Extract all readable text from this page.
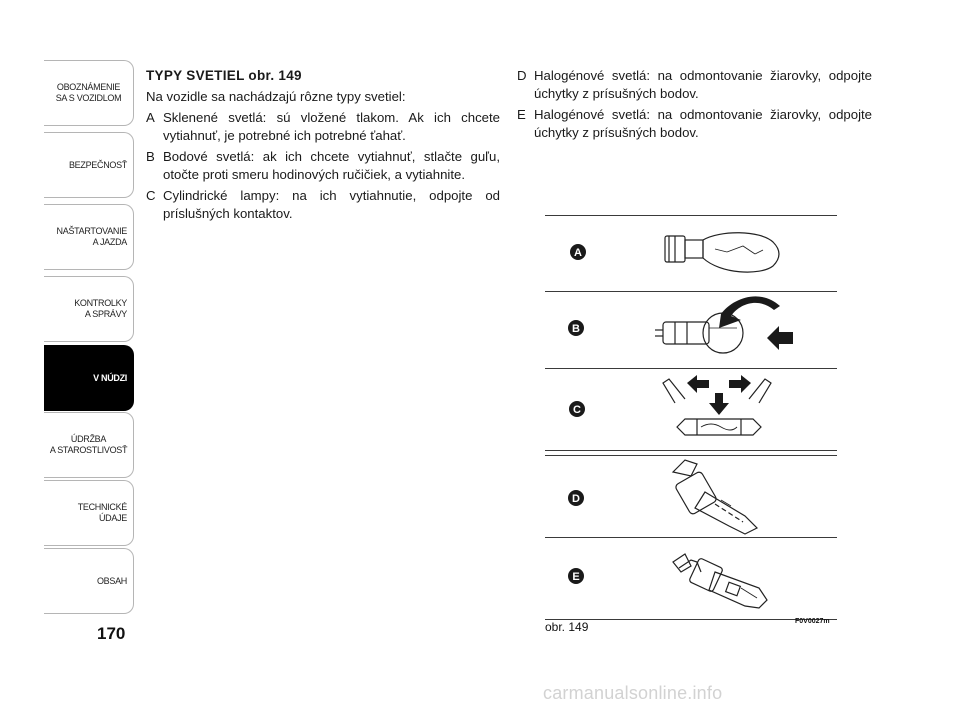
OBOZNÁMENIE
SA S VOZIDLOM
BEZPEČNOSŤ
NAŠTARTOVANIE
A JAZDA
KONTROLKY
A SPRÁVY
V NÚDZI
ÚDRŽBA
A STAROSTLIVOSŤ
TECHNICKÉ
ÚDAJE
OBSAH
170
TYPY SVETIEL obr. 149
Na vozidle sa nachádzajú rôzne typy svetiel:
A Sklenené svetlá: sú vložené tlakom. Ak ich chcete vytiahnuť, je potrebné ich potrebné ťahať.
B Bodové svetlá: ak ich chcete vytiahnuť, stlačte guľu, otočte proti smeru hodinových ručičiek, a vytiahnite.
C Cylindrické lampy: na ich vytiahnutie, odpojte od príslušných kontaktov.
D Halogénové svetlá: na odmontovanie žiarovky, odpojte úchytky z prísušných bodov.
E Halogénové svetlá: na odmontovanie žiarovky, odpojte úchytky z prísušných bodov.
A
B
C
D
E
obr. 149	F0V0027m
carmanualsonline.info
